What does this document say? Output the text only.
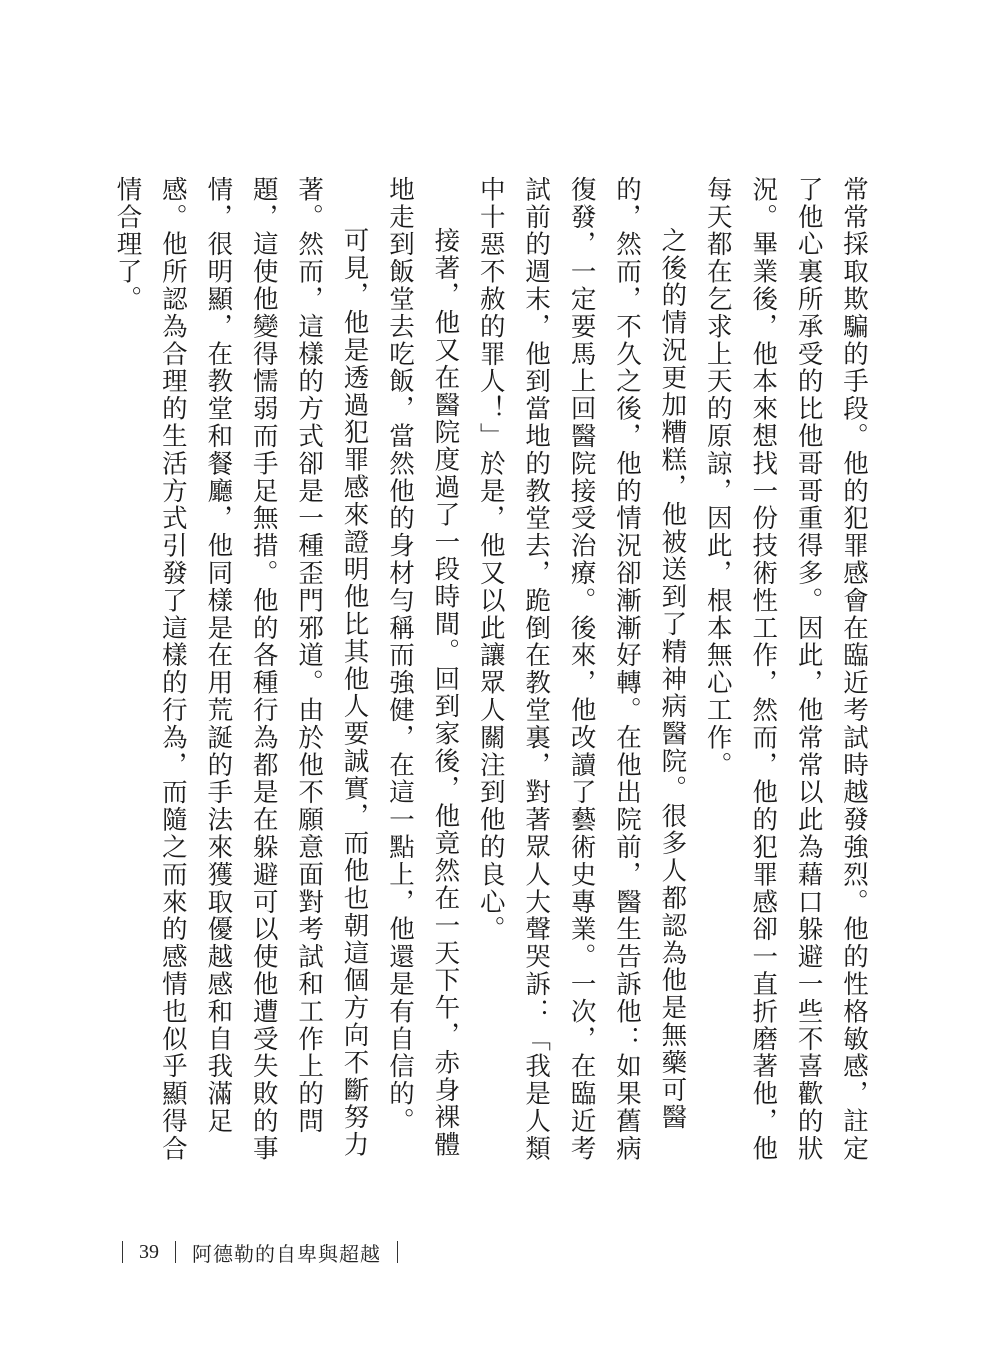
常常採取欺騙的手段。他的犯罪感會在臨近考試時越發強烈。他的性格敏感，註定了他心裏所承受的比他哥哥重得多。因此，他常常以此為藉口躲避一些不喜歡的狀況。畢業後，他本來想找一份技術性工作，然而，他的犯罪感卻一直折磨著他，他每天都在乞求上天的原諒，因此，根本無心工作。

之後的情況更加糟糕，他被送到了精神病醫院。很多人都認為他是無藥可醫的，然而，不久之後，他的情況卻漸漸好轉。在他出院前，醫生告訴他：如果舊病復發，一定要馬上回醫院接受治療。後來，他改讀了藝術史專業。一次，在臨近考試前的週末，他到當地的教堂去，跪倒在教堂裏，對著眾人大聲哭訴：「我是人類中十惡不赦的罪人！」於是，他又以此讓眾人關注到他的良心。

接著，他又在醫院度過了一段時間。回到家後，他竟然在一天下午，赤身裸體地走到飯堂去吃飯，當然他的身材勻稱而強健，在這一點上，他還是有自信的。

可見，他是透過犯罪感來證明他比其他人要誠實，而他也朝這個方向不斷努力著。然而，這樣的方式卻是一種歪門邪道。由於他不願意面對考試和工作上的問題，這使他變得懦弱而手足無措。他的各種行為都是在躲避可以使他遭受失敗的事情，很明顯，在教堂和餐廳，他同樣是在用荒誕的手法來獲取優越感和自我滿足感。他所認為合理的生活方式引發了這樣的行為，而隨之而來的感情也似乎顯得合情合理了。

39 阿德勒的自卑與超越
